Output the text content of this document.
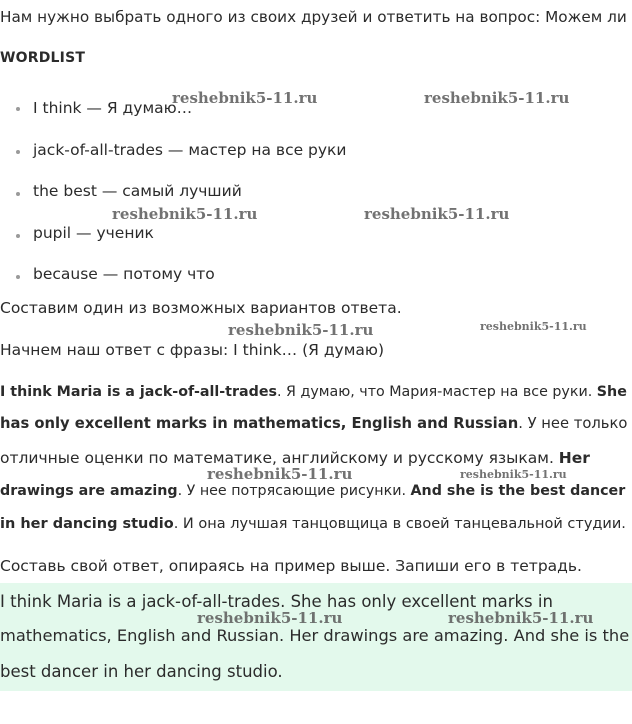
Нам нужно выбрать одного из своих друзей и ответить на вопрос: Можем ли
WORDLIST
I think — Я думаю…
jack-of-all-trades — мастер на все руки
the best — самый лучший
pupil — ученик
because — потому что
Составим один из возможных вариантов ответа.
Начнем наш ответ с фразы: I think… (Я думаю)

I think Maria is a jack-of-all-trades. Я думаю, что Мария-мастер на все руки. She

has only excellent marks in mathematics, English and Russian. У нее только

отличные оценки по математике, английскому и русскому языкам. Her

drawings are amazing. У нее потрясающие рисунки. And she is the best dancer

in her dancing studio. И она лучшая танцовщица в своей танцевальной студии.

Составь свой ответ, опираясь на пример выше. Запиши его в тетрадь.
I think Maria is a jack-of-all-trades. She has only excellent marks in
mathematics, English and Russian. Her drawings are amazing. And she is the
best dancer in her dancing studio.
reshebnik5-11.ru	reshebnik5-11.ru
reshebnik5-11.ru	reshebnik5-11.ru
reshebnik5-11.ru	reshebnik5-11.ru
reshebnik5-11.ru	reshebnik5-11.ru
reshebnik5-11.ru	reshebnik5-11.ru
